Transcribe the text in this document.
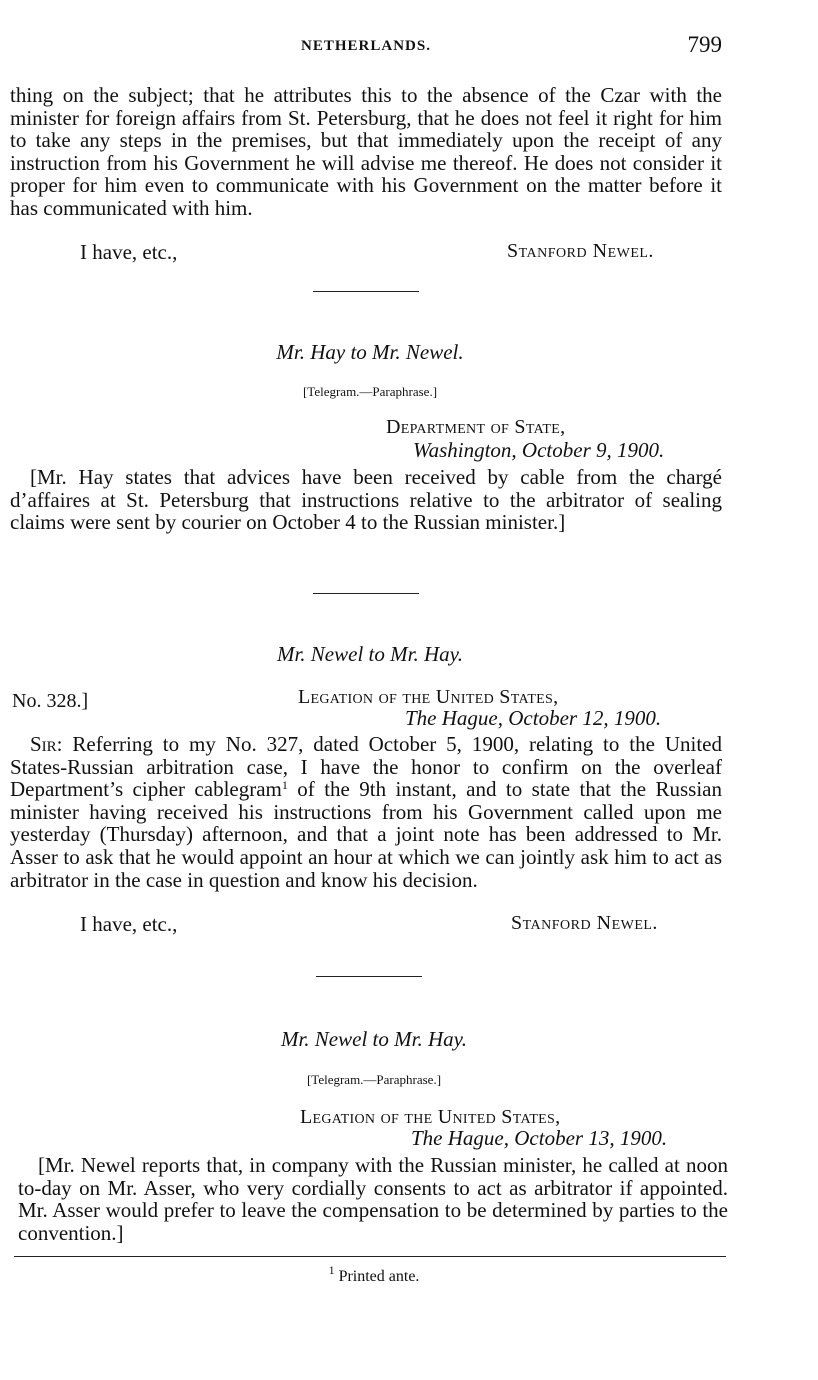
NETHERLANDS.	799

thing on the subject; that he attributes this to the absence of the Czar with the minister for foreign affairs from St. Petersburg, that he does not feel it right for him to take any steps in the premises, but that immediately upon the receipt of any instruction from his Government he will advise me thereof. He does not consider it proper for him even to communicate with his Government on the matter before it has communicated with him.

I have, etc.,	Stanford Newel.
Mr. Hay to Mr. Newel.
[Telegram.—Paraphrase.]
Department of State,
Washington, October 9, 1900.

[Mr. Hay states that advices have been received by cable from the chargé d’affaires at St. Petersburg that instructions relative to the arbitrator of sealing claims were sent by courier on October 4 to the Russian minister.]

Mr. Newel to Mr. Hay.
No. 328.]	Legation of the United States,
The Hague, October 12, 1900.

Sir: Referring to my No. 327, dated October 5, 1900, relating to the United States-Russian arbitration case, I have the honor to confirm on the overleaf Department’s cipher cablegram$^1$ of the 9th instant, and to state that the Russian minister having received his instructions from his Government called upon me yesterday (Thursday) afternoon, and that a joint note has been addressed to Mr. Asser to ask that he would appoint an hour at which we can jointly ask him to act as arbitrator in the case in question and know his decision.

I have, etc.,	Stanford Newel.
Mr. Newel to Mr. Hay.
[Telegram.—Paraphrase.]
Legation of the United States,
The Hague, October 13, 1900.

[Mr. Newel reports that, in company with the Russian minister, he called at noon to-day on Mr. Asser, who very cordially consents to act as arbitrator if appointed. Mr. Asser would prefer to leave the compensation to be determined by parties to the convention.]

$^1$ Printed ante.
